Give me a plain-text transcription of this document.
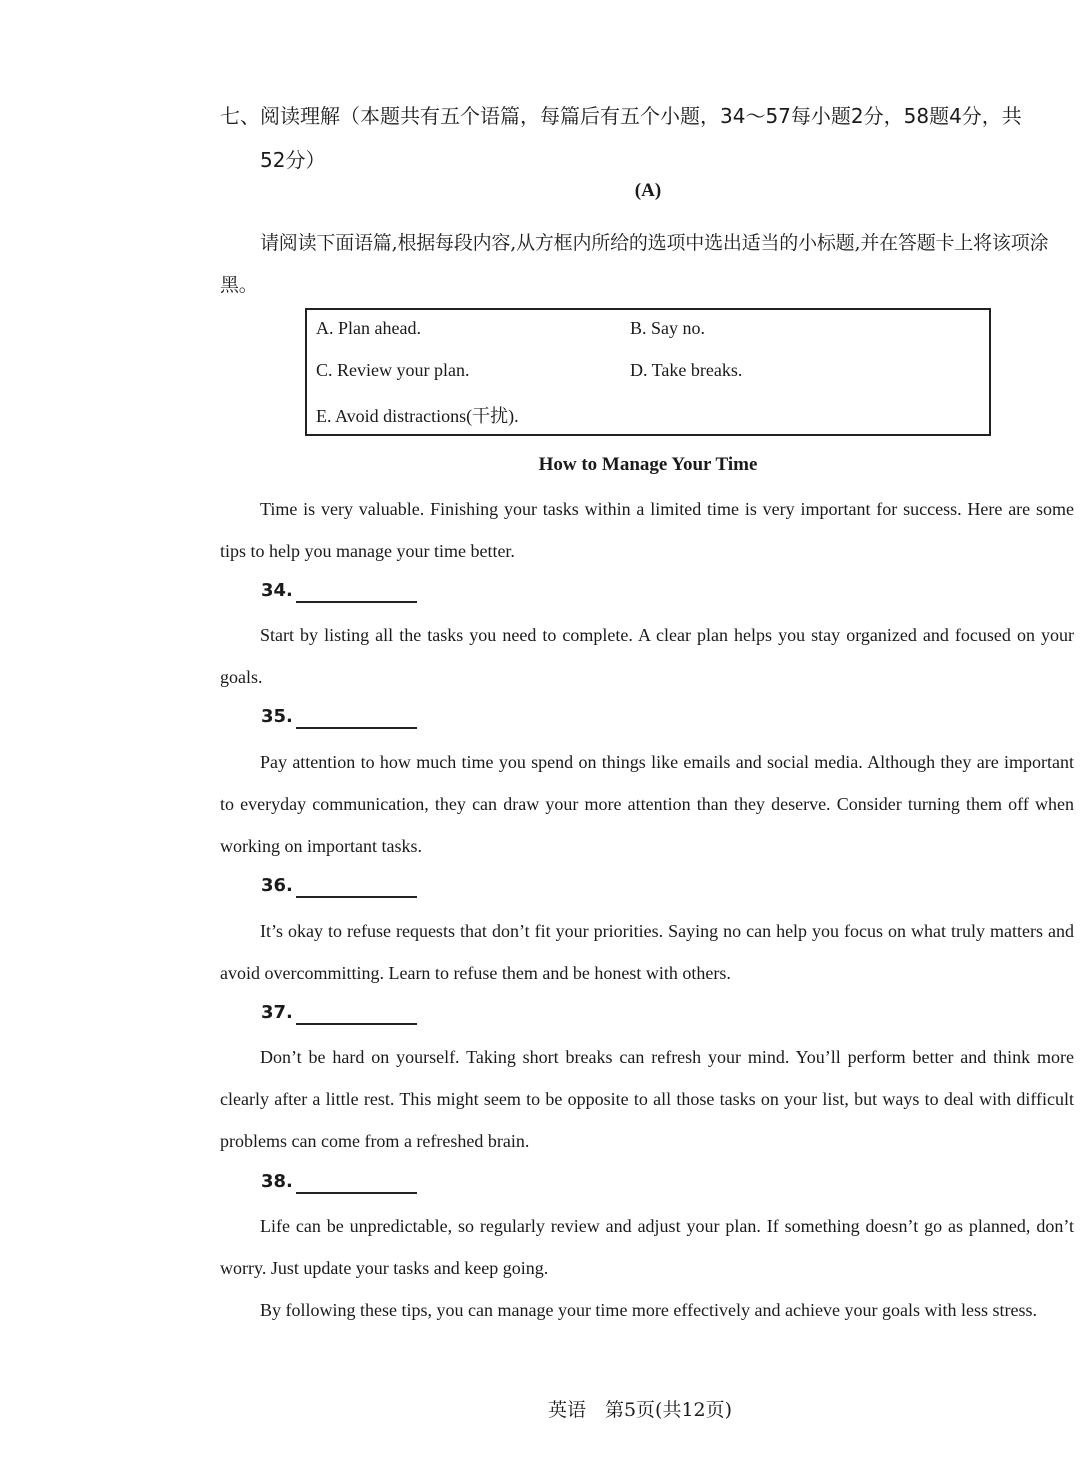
七、阅读理解（本题共有五个语篇，每篇后有五个小题，34～57每小题2分，58题4分，共
52分）
(A)
请阅读下面语篇,根据每段内容,从方框内所给的选项中选出适当的小标题,并在答题卡上将该项涂黑。
A. Plan ahead.	B. Say no.
C. Review your plan.	D. Take breaks.
E. Avoid distractions(干扰).
How to Manage Your Time
Time is very valuable. Finishing your tasks within a limited time is very important for success. Here are some tips to help you manage your time better.
34.
Start by listing all the tasks you need to complete. A clear plan helps you stay organized and focused on your goals.
35.
Pay attention to how much time you spend on things like emails and social media. Although they are important to everyday communication, they can draw your more attention than they deserve. Consider turning them off when working on important tasks.
36.
It’s okay to refuse requests that don’t fit your priorities. Saying no can help you focus on what truly matters and avoid overcommitting. Learn to refuse them and be honest with others.
37.
Don’t be hard on yourself. Taking short breaks can refresh your mind. You’ll perform better and think more clearly after a little rest. This might seem to be opposite to all those tasks on your list, but ways to deal with difficult problems can come from a refreshed brain.
38.
Life can be unpredictable, so regularly review and adjust your plan. If something doesn’t go as planned, don’t worry. Just update your tasks and keep going.
By following these tips, you can manage your time more effectively and achieve your goals with less stress.
英语　第5页(共12页)
